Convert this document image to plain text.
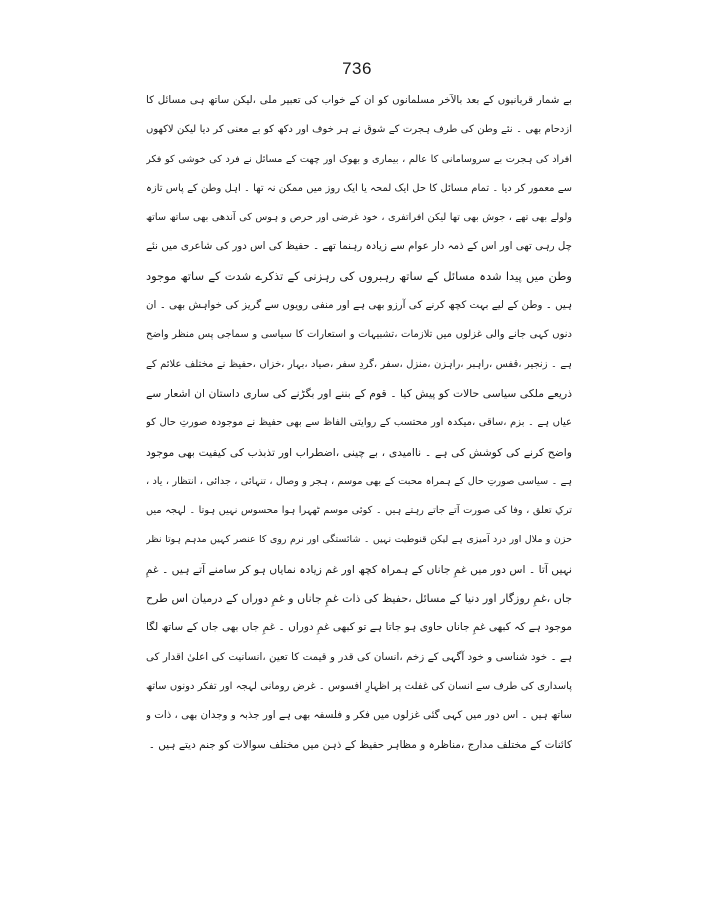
736
بے شمار قربانیوں کے بعد بالآخر مسلمانوں کو ان کے خواب کی تعبیر ملی ،لیکن ساتھ ہی مسائل کا
ازدحام بھی ۔ نئے وطن کی طرف ہجرت کے شوق نے ہر خوف اور دکھ کو بے معنی کر دیا لیکن لاکھوں
افراد کی ہجرت بے سروسامانی کا عالم ، بیماری و بھوک اور چھت کے مسائل نے فرد کی خوشی کو فکر
سے معمور کر دیا ۔ تمام مسائل کا حل ایک لمحہ یا ایک روز میں ممکن نہ تھا ۔ اہل وطن کے پاس تازہ
ولولے بھی تھے ، جوش بھی تھا لیکن افراتفری ، خود غرضی اور حرص و ہوس کی آندھی بھی ساتھ ساتھ
چل رہی تھی اور اس کے ذمہ دار عوام سے زیادہ رہنما تھے ۔ حفیظ کی اس دور کی شاعری میں نئے
وطن میں پیدا شدہ مسائل کے ساتھ رہبروں کی رہزنی کے تذکرے شدت کے ساتھ موجود
ہیں ۔ وطن کے لیے بہت کچھ کرنے کی آرزو بھی ہے اور منفی رویوں سے گریز کی خواہش بھی ۔ ان
دنوں کہی جانے والی غزلوں میں تلازمات ،تشبیہات و استعارات کا سیاسی و سماجی پس منظر واضح
ہے ۔ زنجیر ،قفس ،راہبر ،راہزن ،منزل ،سفر ،گردِ سفر ،صیاد ،بہار ،خزاں ،حفیظ نے مختلف علائم کے
ذریعے ملکی سیاسی حالات کو پیش کیا ۔ قوم کے بننے اور بگڑنے کی ساری داستان ان اشعار سے
عیاں ہے ۔ بزم ،ساقی ،میکدہ اور محتسب کے روایتی الفاظ سے بھی حفیظ نے موجودہ صورتِ حال کو
واضح کرنے کی کوشش کی ہے ۔ ناامیدی ، بے چینی ،اضطراب اور تذبذب کی کیفیت بھی موجود
ہے ۔ سیاسی صورتِ حال کے ہمراہ محبت کے بھی موسم ، ہجر و وصال ، تنہائی ، جدائی ، انتظار ، یاد ،
ترکِ تعلق ، وفا کی صورت آتے جاتے رہتے ہیں ۔ کوئی موسم ٹھہرا ہوا محسوس نہیں ہوتا ۔ لہجہ میں
حزن و ملال اور درد آمیزی ہے لیکن قنوطیت نہیں ۔ شائستگی اور نرم روی کا عنصر کہیں مدہم ہوتا نظر
نہیں آتا ۔ اس دور میں غمِ جاناں کے ہمراہ کچھ اور غم زیادہ نمایاں ہو کر سامنے آتے ہیں ۔ غمِ
جاں ،غمِ روزگار اور دنیا کے مسائل ،حفیظ کی ذات غمِ جاناں و غمِ دوراں کے درمیان اس طرح
موجود ہے کہ کبھی غمِ جاناں حاوی ہو جاتا ہے تو کبھی غمِ دوراں ۔ غمِ جاں بھی جاں کے ساتھ لگا
ہے ۔ خود شناسی و خود آگہی کے زخم ،انسان کی قدر و قیمت کا تعین ،انسانیت کی اعلیٰ اقدار کی
پاسداری کی طرف سے انسان کی غفلت پر اظہارِ افسوس ۔ غرض رومانی لہجہ اور تفکر دونوں ساتھ
ساتھ ہیں ۔ اس دور میں کہی گئی غزلوں میں فکر و فلسفہ بھی ہے اور جذبہ و وجدان بھی ، ذات و
کائنات کے مختلف مدارج ،مناظرہ و مظاہر حفیظ کے ذہن میں مختلف سوالات کو جنم دیتے ہیں ۔
